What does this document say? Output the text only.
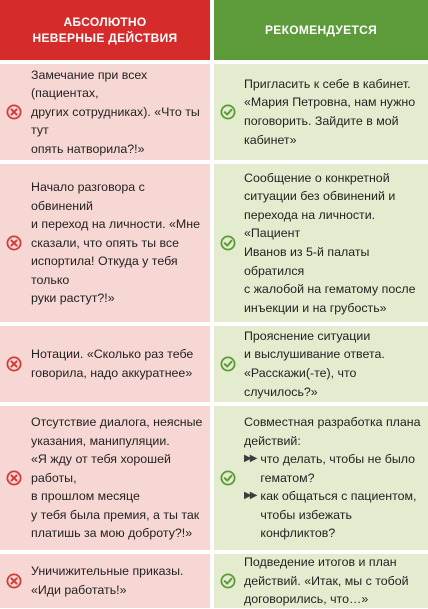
АБСОЛЮТНО
НЕВЕРНЫЕ ДЕЙСТВИЯ
РЕКОМЕНДУЕТСЯ
Замечание при всех (пациентах,
других сотрудниках). «Что ты тут
опять натворила?!»
Пригласить к себе в кабинет.
«Мария Петровна, нам нужно
поговорить. Зайдите в мой
кабинет»
Начало разговора с обвинений
и переход на личности. «Мне
сказали, что опять ты все
испортила! Откуда у тебя только
руки растут?!»
Сообщение о конкретной
ситуации без обвинений и
перехода на личности. «Пациент
Иванов из 5-й палаты обратился
с жалобой на гематому после
инъекции и на грубость»
Нотации. «Сколько раз тебе
говорила, надо аккуратнее»
Прояснение ситуации
и выслушивание ответа.
«Расскажи(-те), что случилось?»
Отсутствие диалога, неясные
указания, манипуляции.
«Я жду от тебя хорошей работы,
в прошлом месяце
у тебя была премия, а ты так
платишь за мою доброту?!»
Совместная разработка плана
действий:
▶▶ что делать, чтобы не было
гематом?
▶▶ как общаться с пациентом,
чтобы избежать конфликтов?
Уничижительные приказы.
«Иди работать!»
Подведение итогов и план
действий. «Итак, мы с тобой
договорились, что…»
